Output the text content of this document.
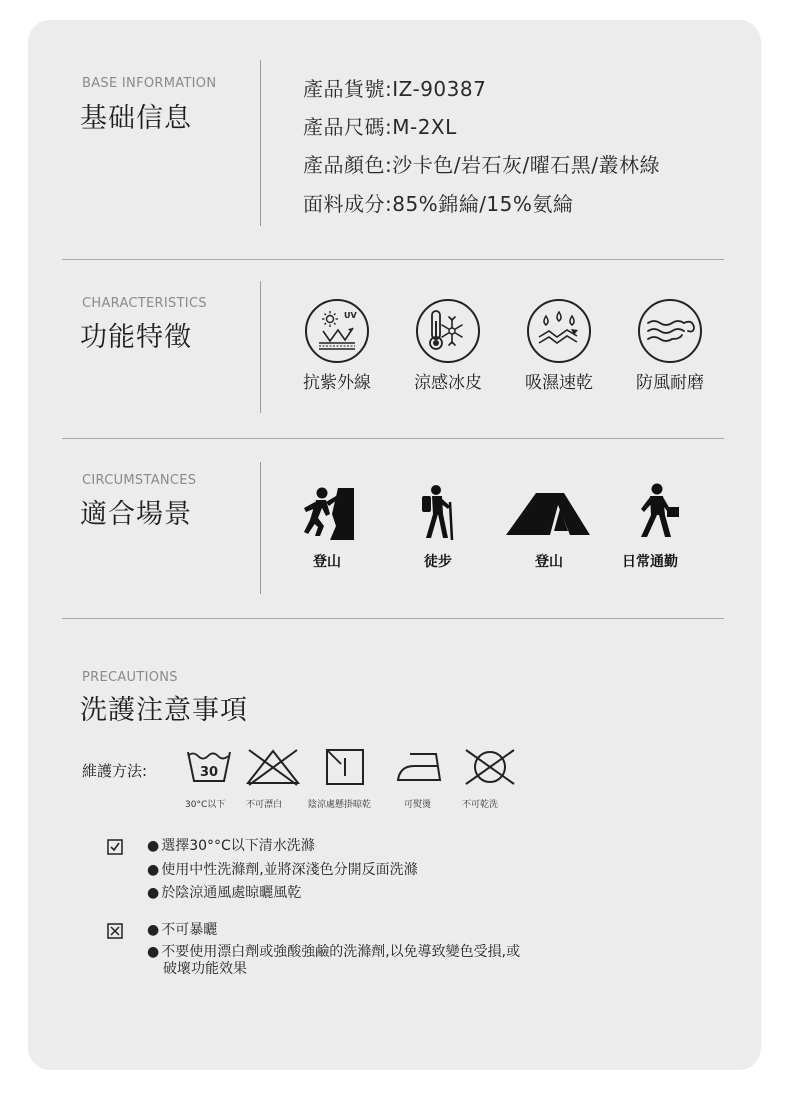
BASE INFORMATION
基础信息
產品貨號:IZ-90387
產品尺碼:M-2XL
產品顏色:沙卡色/岩石灰/曜石黑/叢林綠
面料成分:85%錦綸/15%氨綸
CHARACTERISTICS
功能特徵
UV
抗紫外線	涼感冰皮	吸濕速乾	防風耐磨
CIRCUMSTANCES
適合場景
登山	徒步	登山	日常通勤
PRECAUTIONS
洗護注意事項
維護方法:	30
30°C以下 不可漂白	陰涼處懸掛晾乾	可熨燙	不可乾洗
● 選擇30°°C以下清水洗滌
● 使用中性洗滌劑,並將深淺色分開反面洗滌
● 於陰涼通風處晾曬風乾
● 不可暴曬
● 不要使用漂白劑或強酸強鹼的洗滌劑,以免導致變色受損,或
破壞功能效果
